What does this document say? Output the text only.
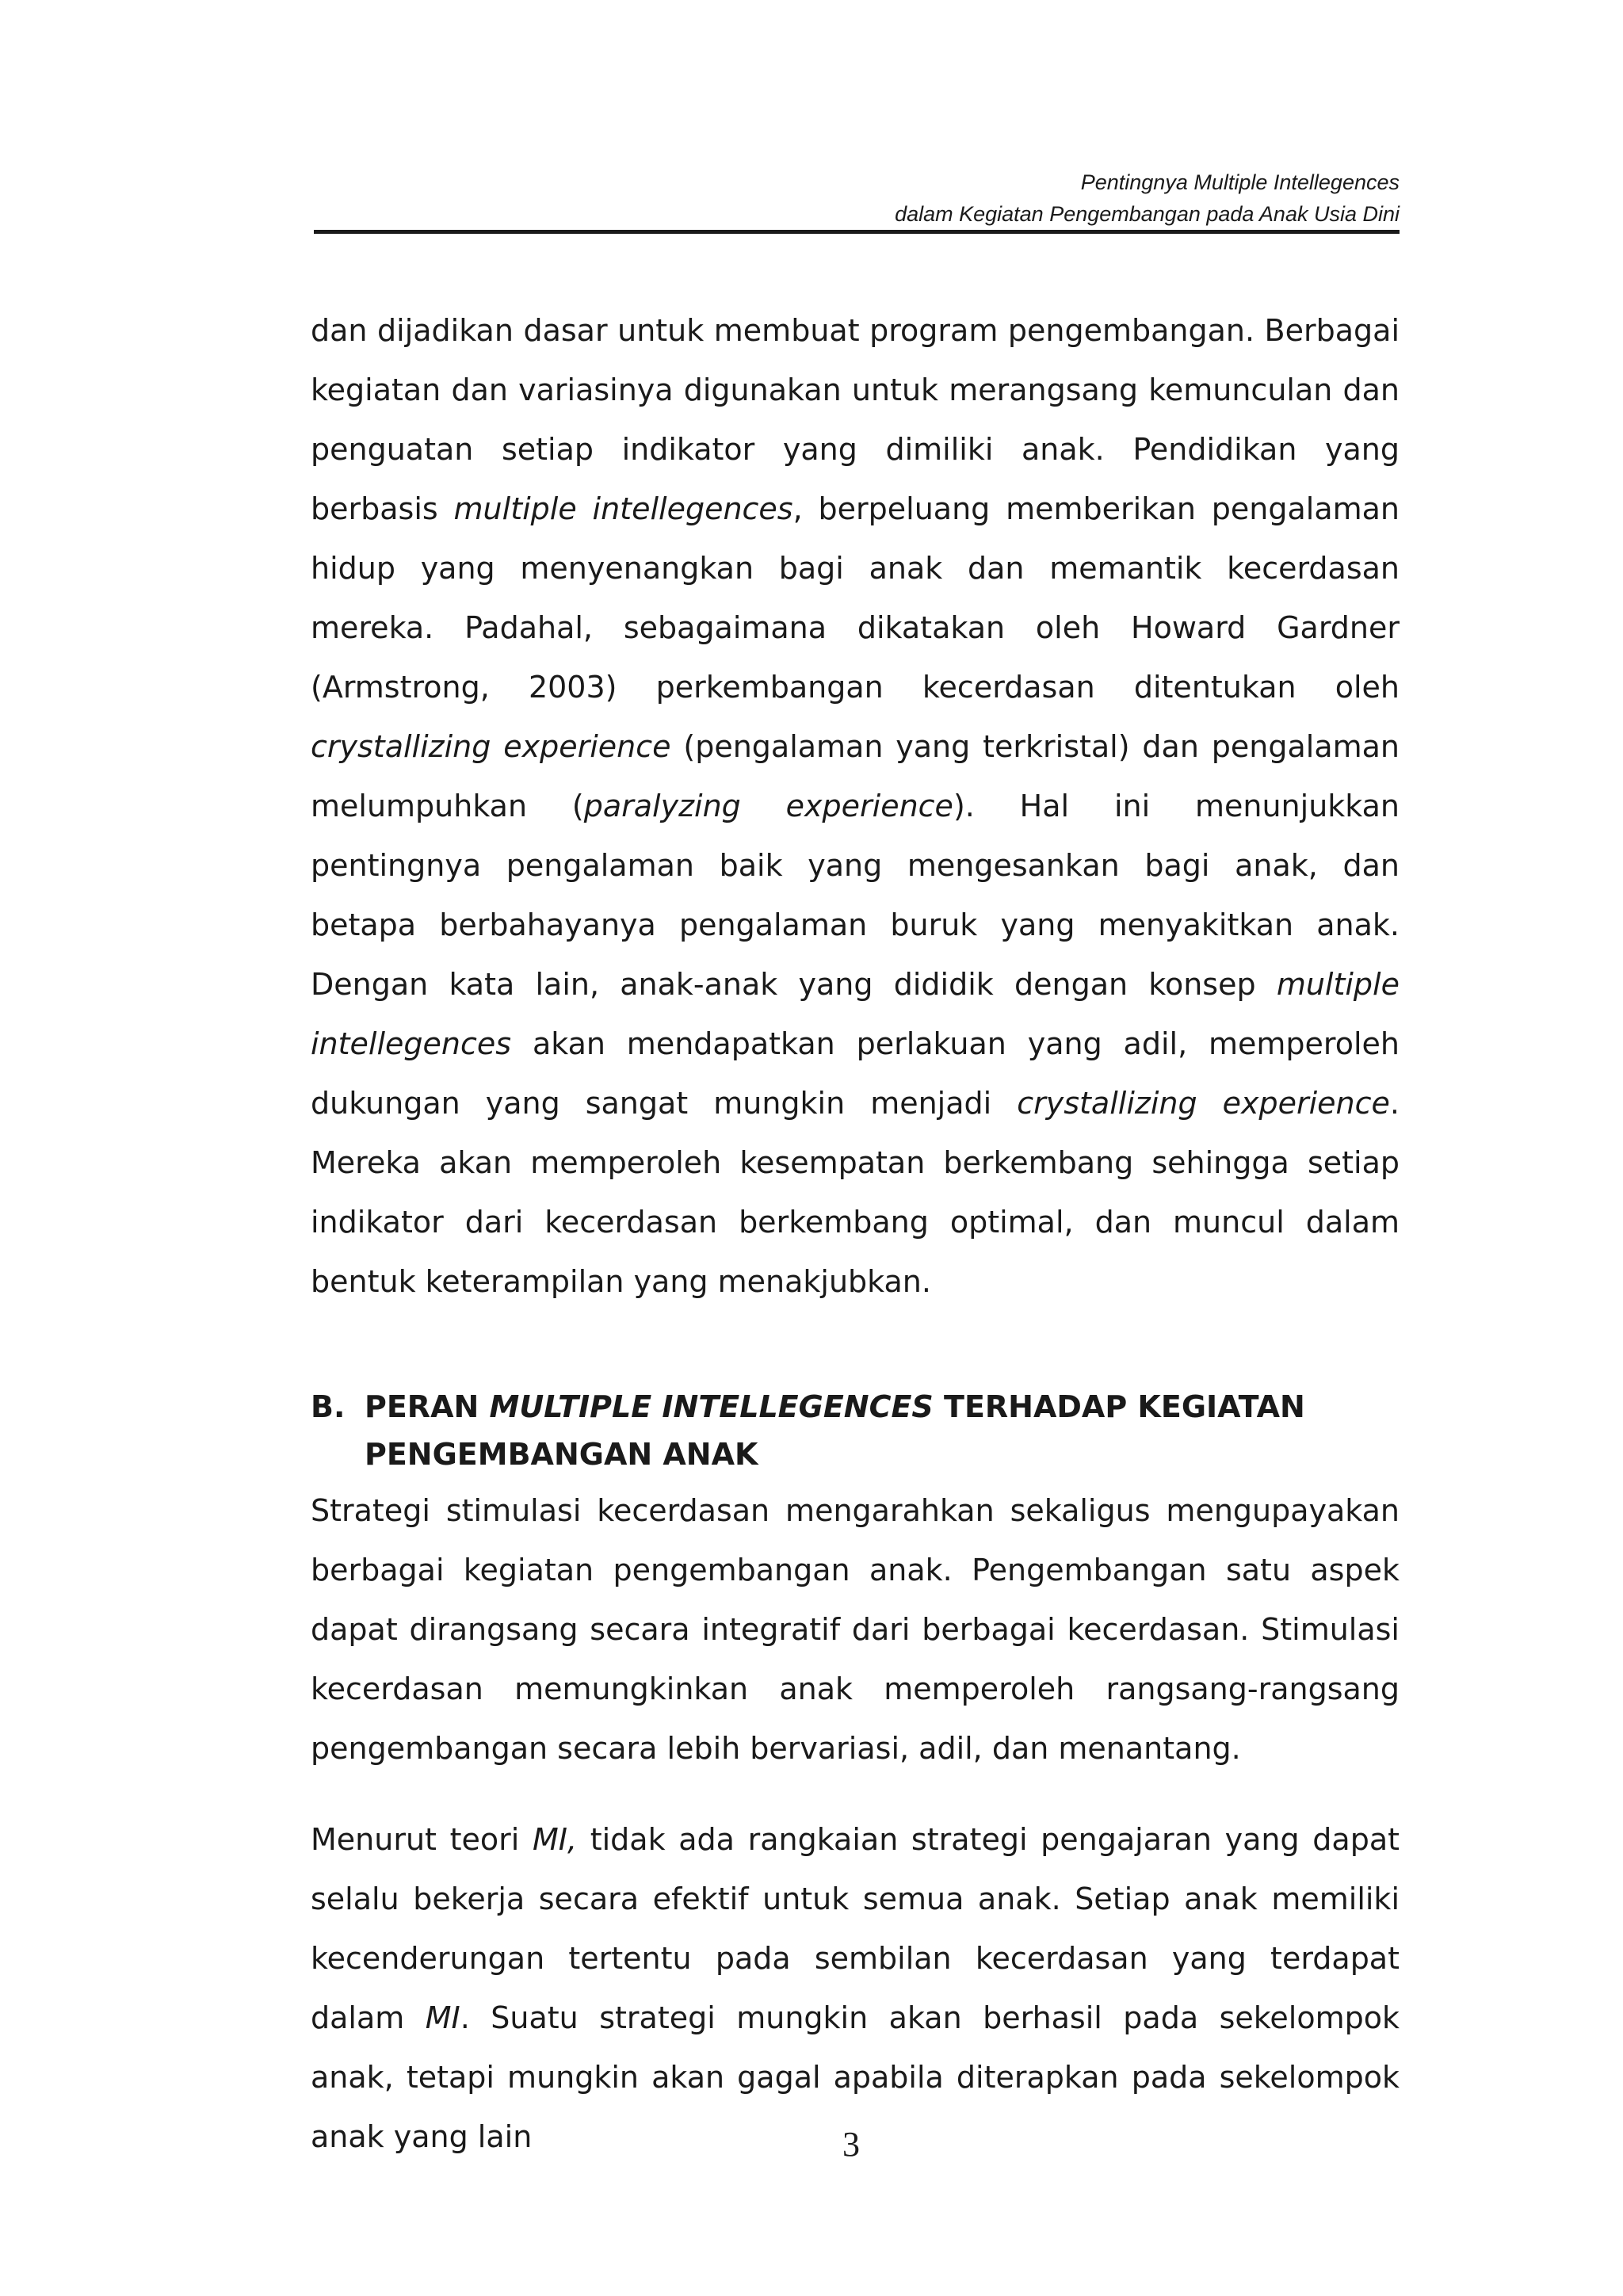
Pentingnya Multiple Intellegences
dalam Kegiatan Pengembangan pada Anak Usia Dini

dan dijadikan dasar untuk membuat program pengembangan. Berbagai kegiatan dan variasinya digunakan untuk merangsang kemunculan dan penguatan setiap indikator yang dimiliki anak. Pendidikan yang berbasis multiple intellegences, berpeluang memberikan pengalaman hidup yang menyenangkan bagi anak dan memantik kecerdasan mereka. Padahal, sebagaimana dikatakan oleh Howard Gardner (Armstrong, 2003) perkembangan kecerdasan ditentukan oleh crystallizing experience (pengalaman yang terkristal) dan pengalaman melumpuhkan (paralyzing experience). Hal ini menunjukkan pentingnya pengalaman baik yang mengesankan bagi anak, dan betapa berbahayanya pengalaman buruk yang menyakitkan anak. Dengan kata lain, anak-anak yang dididik dengan konsep multiple intellegences akan mendapatkan perlakuan yang adil, memperoleh dukungan yang sangat mungkin menjadi crystallizing experience. Mereka akan memperoleh kesempatan berkembang sehingga setiap indikator dari kecerdasan berkembang optimal, dan muncul dalam bentuk keterampilan yang menakjubkan.

B. PERAN MULTIPLE INTELLEGENCES TERHADAP KEGIATAN PENGEMBANGAN ANAK

Strategi stimulasi kecerdasan mengarahkan sekaligus mengupayakan berbagai kegiatan pengembangan anak. Pengembangan satu aspek dapat dirangsang secara integratif dari berbagai kecerdasan. Stimulasi kecerdasan memungkinkan anak memperoleh rangsang-rangsang pengembangan secara lebih bervariasi, adil, dan menantang.

Menurut teori MI, tidak ada rangkaian strategi pengajaran yang dapat selalu bekerja secara efektif untuk semua anak. Setiap anak memiliki kecenderungan tertentu pada sembilan kecerdasan yang terdapat dalam MI. Suatu strategi mungkin akan berhasil pada sekelompok anak, tetapi mungkin akan gagal apabila diterapkan pada sekelompok anak yang lain	3
